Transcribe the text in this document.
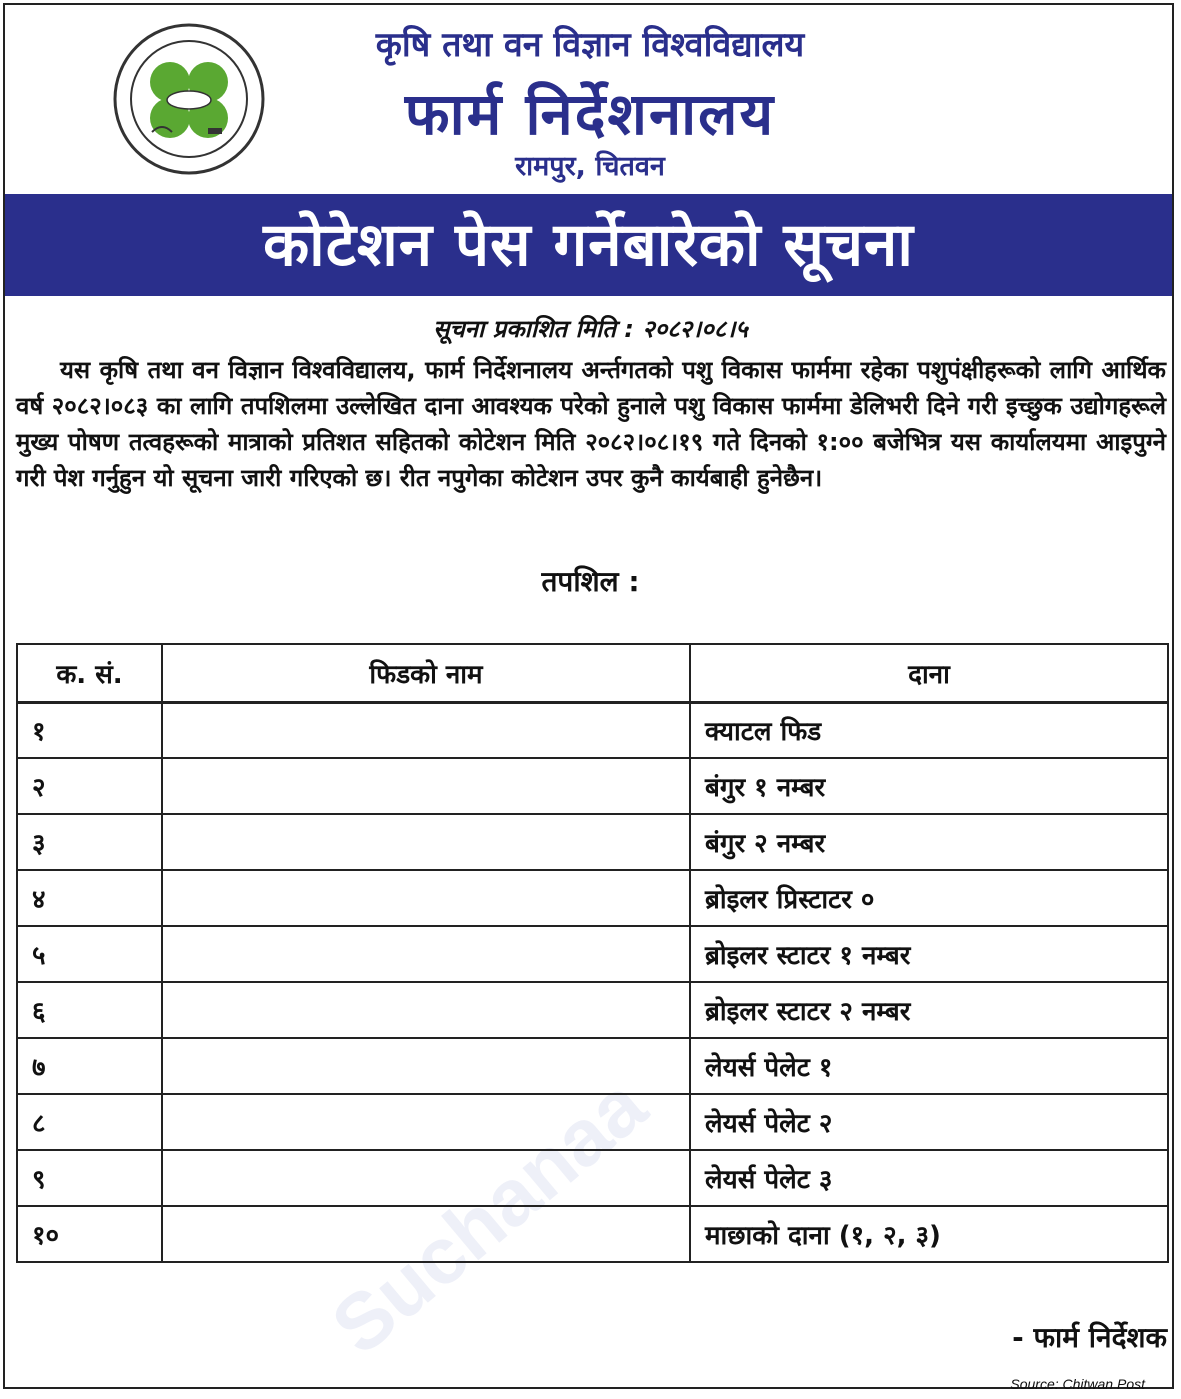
Suchanaa
कृषि तथा वन विज्ञान विश्वविद्यालय
फार्म निर्देशनालय
रामपुर, चितवन
कोटेशन पेस गर्नेबारेको सूचना
सूचना प्रकाशित मिति : २०८२।०८।५
यस कृषि तथा वन विज्ञान विश्वविद्यालय, फार्म निर्देशनालय अर्न्तगतको पशु विकास फार्ममा रहेका पशुपंक्षीहरूको लागि आर्थिक वर्ष २०८२।०८३ का लागि तपशिलमा उल्लेखित दाना आवश्यक परेको हुनाले पशु विकास फार्ममा डेलिभरी दिने गरी इच्छुक उद्योगहरूले मुख्य पोषण तत्वहरूको मात्राको प्रतिशत सहितको कोटेशन मिति २०८२।०८।१९ गते दिनको १:०० बजेभित्र यस कार्यालयमा आइपुग्ने गरी पेश गर्नुहुन यो सूचना जारी गरिएको छ। रीत नपुगेका कोटेशन उपर कुनै कार्यबाही हुनेछैन।
तपशिल :
क. सं.	फिडको नाम	दाना
१		क्याटल फिड
२		बंगुर १ नम्बर
३		बंगुर २ नम्बर
४		ब्रोइलर प्रिस्टाटर ०
५		ब्रोइलर स्टाटर १ नम्बर
६		ब्रोइलर स्टाटर २ नम्बर
७		लेयर्स पेलेट १
८		लेयर्स पेलेट २
९		लेयर्स पेलेट ३
१०		माछाको दाना (१, २, ३)
- फार्म निर्देशक
Source: Chitwan Post
